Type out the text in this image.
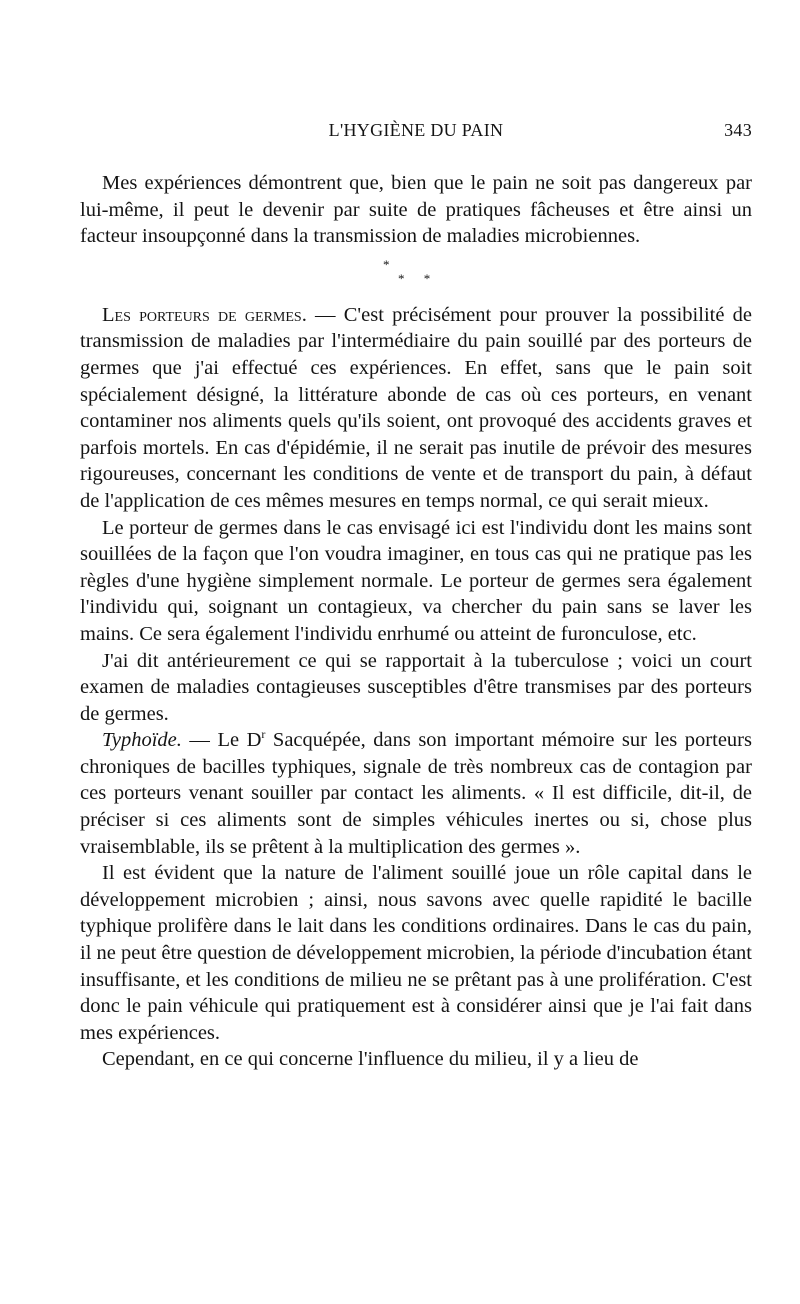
L'HYGIÈNE DU PAIN	343

Mes expériences démontrent que, bien que le pain ne soit pas dangereux par lui-même, il peut le devenir par suite de pratiques fâcheuses et être ainsi un facteur insoupçonné dans la transmission de maladies microbiennes.

*
* *

Les porteurs de germes. — C'est précisément pour prouver la possibilité de transmission de maladies par l'intermédiaire du pain souillé par des porteurs de germes que j'ai effectué ces expériences. En effet, sans que le pain soit spécialement désigné, la littérature abonde de cas où ces porteurs, en venant contaminer nos aliments quels qu'ils soient, ont provoqué des accidents graves et parfois mortels. En cas d'épidémie, il ne serait pas inutile de prévoir des mesures rigoureuses, concernant les conditions de vente et de transport du pain, à défaut de l'application de ces mêmes mesures en temps normal, ce qui serait mieux.

Le porteur de germes dans le cas envisagé ici est l'individu dont les mains sont souillées de la façon que l'on voudra imaginer, en tous cas qui ne pratique pas les règles d'une hygiène simplement normale. Le porteur de germes sera également l'individu qui, soignant un contagieux, va chercher du pain sans se laver les mains. Ce sera également l'individu enrhumé ou atteint de furonculose, etc.

J'ai dit antérieurement ce qui se rapportait à la tuberculose ; voici un court examen de maladies contagieuses susceptibles d'être transmises par des porteurs de germes.

Typhoïde. — Le $D^r$ Sacquépée, dans son important mémoire sur les porteurs chroniques de bacilles typhiques, signale de très nombreux cas de contagion par ces porteurs venant souiller par contact les aliments. « Il est difficile, dit-il, de préciser si ces aliments sont de simples véhicules inertes ou si, chose plus vraisemblable, ils se prêtent à la multiplication des germes ».

Il est évident que la nature de l'aliment souillé joue un rôle capital dans le développement microbien ; ainsi, nous savons avec quelle rapidité le bacille typhique prolifère dans le lait dans les conditions ordinaires. Dans le cas du pain, il ne peut être question de développement microbien, la période d'incubation étant insuffisante, et les conditions de milieu ne se prêtant pas à une prolifération. C'est donc le pain véhicule qui pratiquement est à considérer ainsi que je l'ai fait dans mes expériences.

Cependant, en ce qui concerne l'influence du milieu, il y a lieu de
